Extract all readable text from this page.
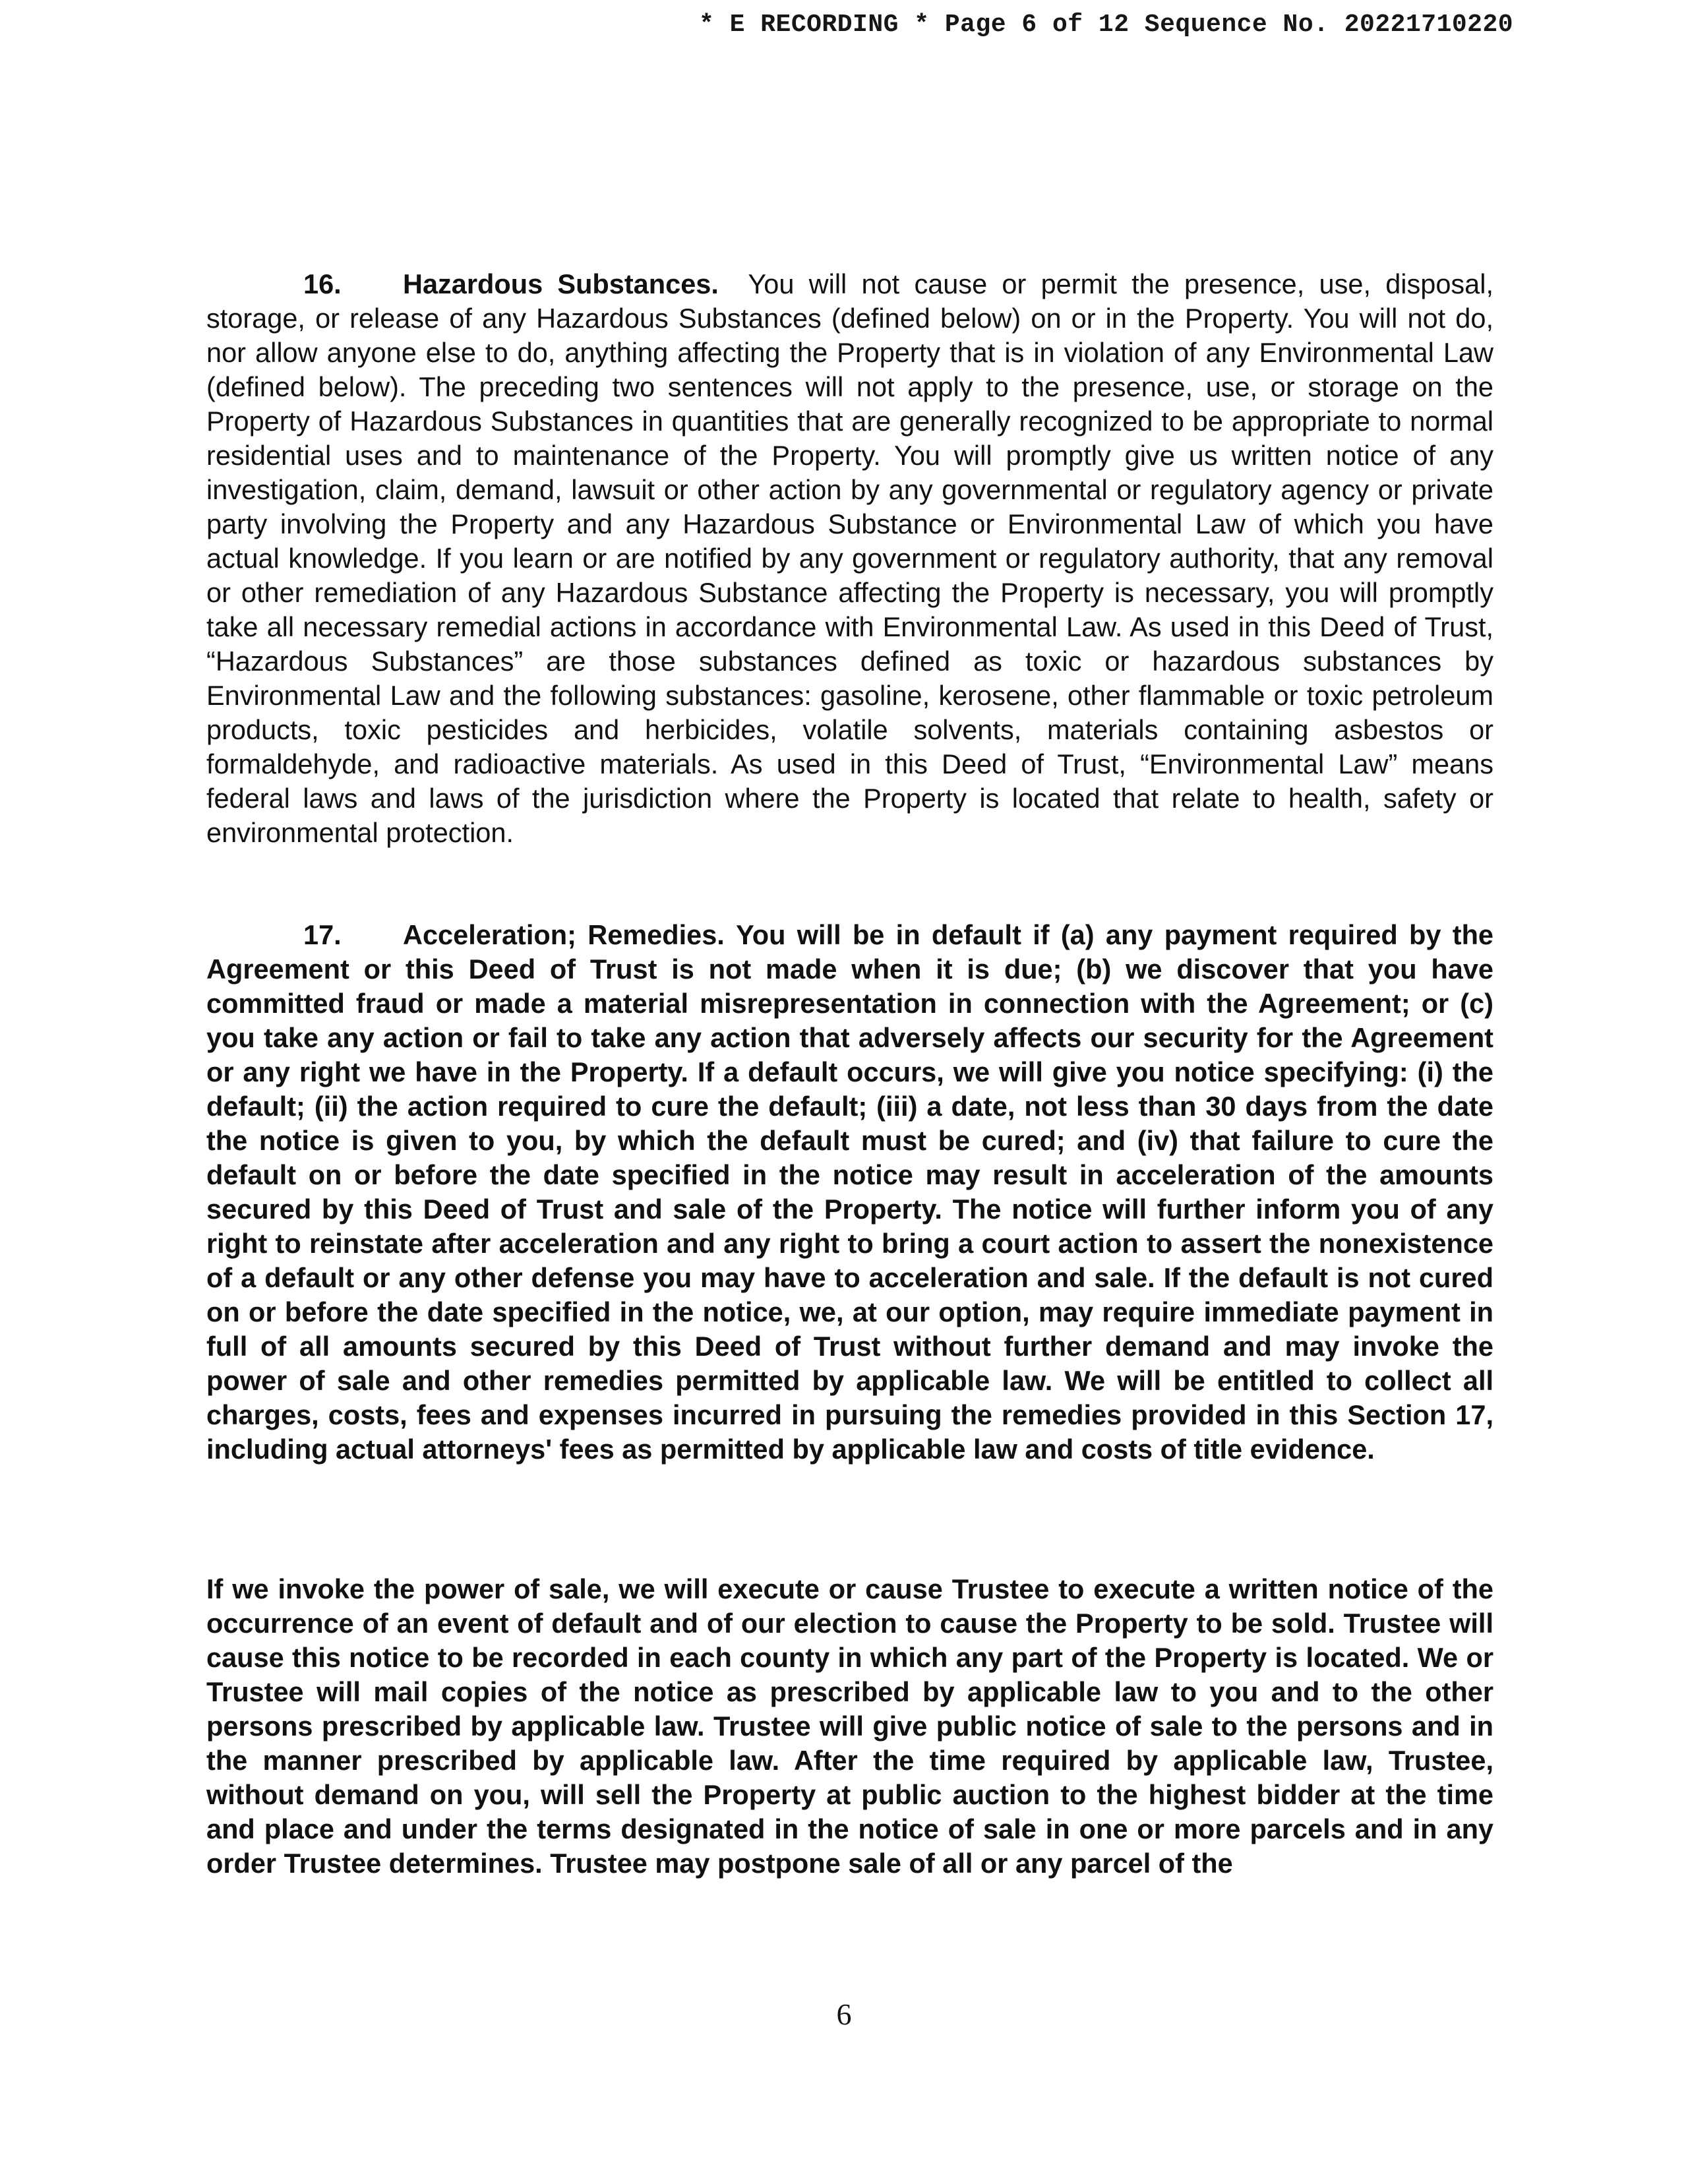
* E RECORDING * Page 6 of 12 Sequence No. 20221710220

16. Hazardous Substances. You will not cause or permit the presence, use, disposal, storage, or release of any Hazardous Substances (defined below) on or in the Property. You will not do, nor allow anyone else to do, anything affecting the Property that is in violation of any Environmental Law (defined below). The preceding two sentences will not apply to the presence, use, or storage on the Property of Hazardous Substances in quantities that are generally recognized to be appropriate to normal residential uses and to maintenance of the Property. You will promptly give us written notice of any investigation, claim, demand, lawsuit or other action by any governmental or regulatory agency or private party involving the Property and any Hazardous Substance or Environmental Law of which you have actual knowledge. If you learn or are notified by any government or regulatory authority, that any removal or other remediation of any Hazardous Substance affecting the Property is necessary, you will promptly take all necessary remedial actions in accordance with Environmental Law. As used in this Deed of Trust, “Hazardous Substances” are those substances defined as toxic or hazardous substances by Environmental Law and the following substances: gasoline, kerosene, other flammable or toxic petroleum products, toxic pesticides and herbicides, volatile solvents, materials containing asbestos or formaldehyde, and radioactive materials. As used in this Deed of Trust, “Environmental Law” means federal laws and laws of the jurisdiction where the Property is located that relate to health, safety or environmental protection.

17. Acceleration; Remedies. You will be in default if (a) any payment required by the Agreement or this Deed of Trust is not made when it is due; (b) we discover that you have committed fraud or made a material misrepresentation in connection with the Agreement; or (c) you take any action or fail to take any action that adversely affects our security for the Agreement or any right we have in the Property. If a default occurs, we will give you notice specifying: (i) the default; (ii) the action required to cure the default; (iii) a date, not less than 30 days from the date the notice is given to you, by which the default must be cured; and (iv) that failure to cure the default on or before the date specified in the notice may result in acceleration of the amounts secured by this Deed of Trust and sale of the Property. The notice will further inform you of any right to reinstate after acceleration and any right to bring a court action to assert the nonexistence of a default or any other defense you may have to acceleration and sale. If the default is not cured on or before the date specified in the notice, we, at our option, may require immediate payment in full of all amounts secured by this Deed of Trust without further demand and may invoke the power of sale and other remedies permitted by applicable law. We will be entitled to collect all charges, costs, fees and expenses incurred in pursuing the remedies provided in this Section 17, including actual attorneys' fees as permitted by applicable law and costs of title evidence.

If we invoke the power of sale, we will execute or cause Trustee to execute a written notice of the occurrence of an event of default and of our election to cause the Property to be sold. Trustee will cause this notice to be recorded in each county in which any part of the Property is located. We or Trustee will mail copies of the notice as prescribed by applicable law to you and to the other persons prescribed by applicable law. Trustee will give public notice of sale to the persons and in the manner prescribed by applicable law. After the time required by applicable law, Trustee, without demand on you, will sell the Property at public auction to the highest bidder at the time and place and under the terms designated in the notice of sale in one or more parcels and in any order Trustee determines. Trustee may postpone sale of all or any parcel of the

6
